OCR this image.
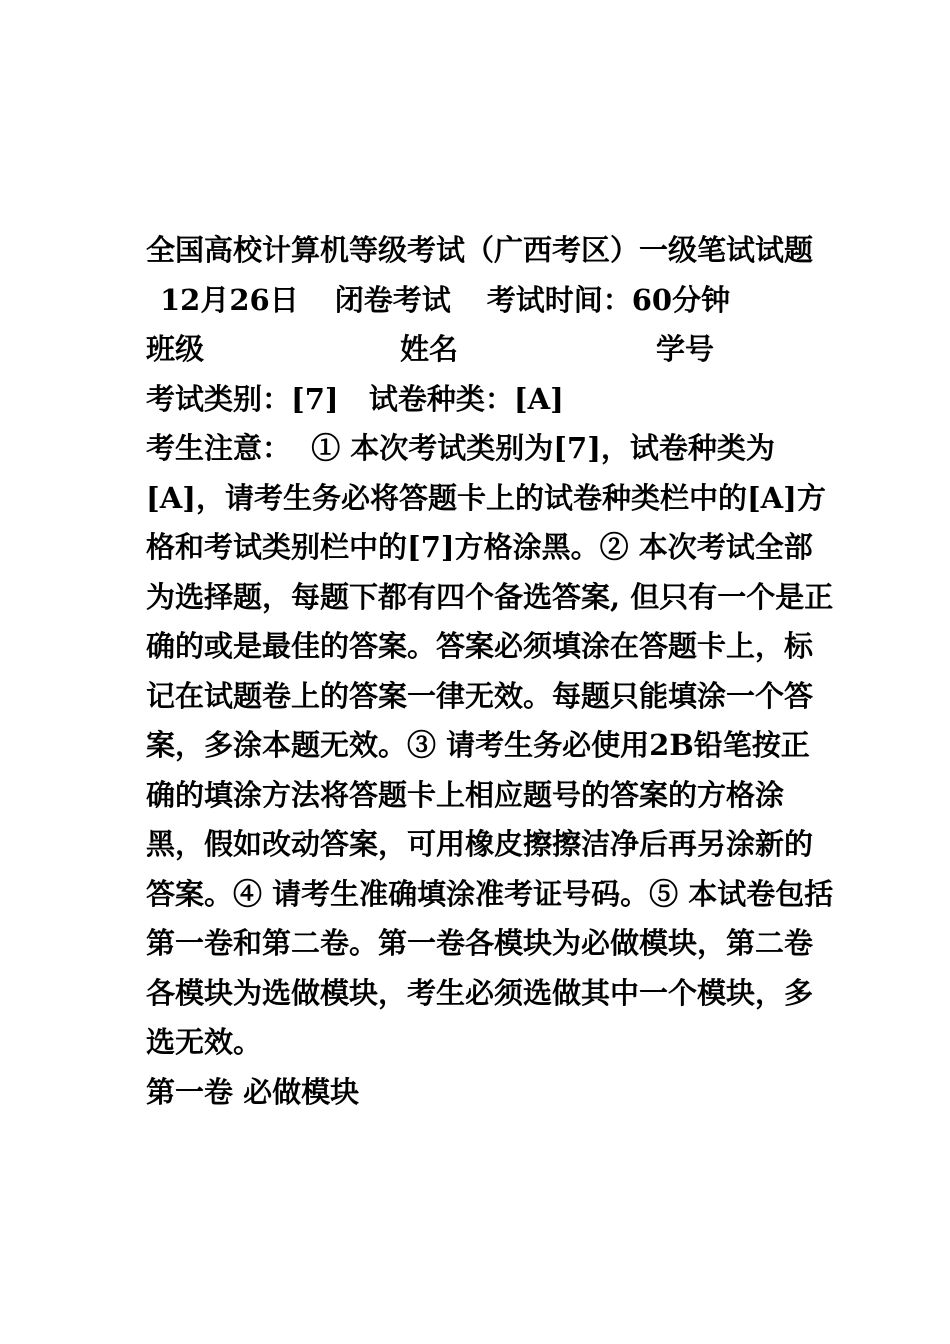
全国高校计算机等级考试（广西考区）一级笔试试题
12月26日 闭卷考试 考试时间：60分钟
班级	姓名	学号
考试类别：[7]   试卷种类：[A]
考生注意：  ① 本次考试类别为[7]，试卷种类为[A]，请考生务必将答题卡上的试卷种类栏中的[A]方格和考试类别栏中的[7]方格涂黑。② 本次考试全部为选择题，每题下都有四个备选答案, 但只有一个是正确的或是最佳的答案。答案必须填涂在答题卡上，标记在试题卷上的答案一律无效。每题只能填涂一个答案，多涂本题无效。③ 请考生务必使用2B铅笔按正确的填涂方法将答题卡上相应题号的答案的方格涂黑，假如改动答案，可用橡皮擦擦洁净后再另涂新的答案。④ 请考生准确填涂准考证号码。⑤ 本试卷包括第一卷和第二卷。第一卷各模块为必做模块，第二卷各模块为选做模块，考生必须选做其中一个模块，多选无效。
第一卷 必做模块
